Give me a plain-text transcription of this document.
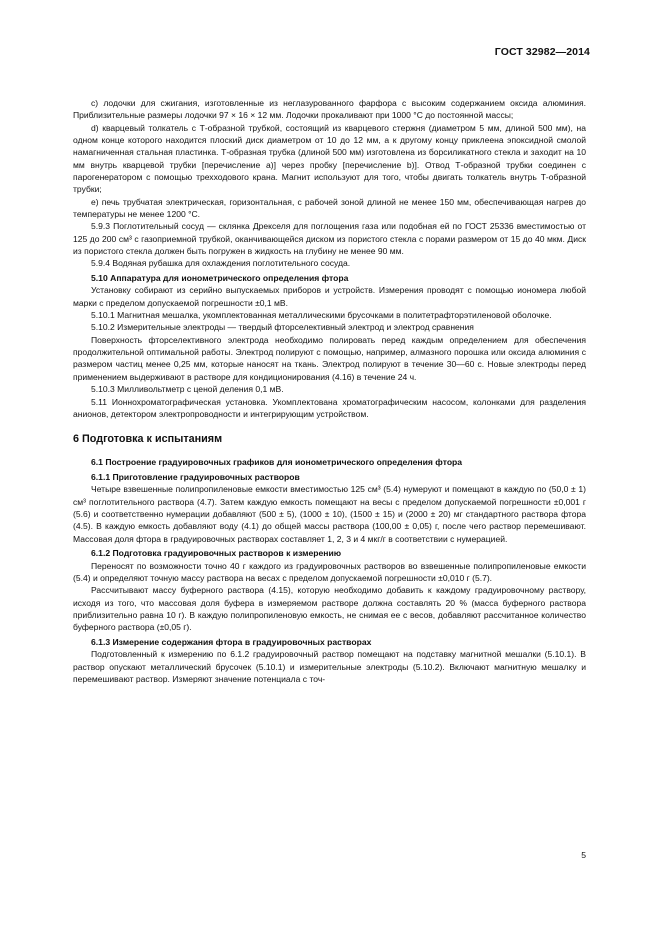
ГОСТ 32982—2014

c) лодочки для сжигания, изготовленные из неглазурованного фарфора с высоким содержанием оксида алюминия. Приблизительные размеры лодочки 97 × 16 × 12 мм. Лодочки прокаливают при 1000 °С до постоянной массы;

d) кварцевый толкатель с Т-образной трубкой, состоящий из кварцевого стержня (диаметром 5 мм, длиной 500 мм), на одном конце которого находится плоский диск диаметром от 10 до 12 мм, а к другому концу приклеена эпоксидной смолой намагниченная стальная пластинка. Т-образная трубка (длиной 500 мм) изготовлена из борсиликатного стекла и заходит на 10 мм внутрь кварцевой трубки [перечисление а)] через пробку [перечисление b)]. Отвод Т-образной трубки соединен с парогенератором с помощью трехходового крана. Магнит используют для того, чтобы двигать толкатель внутрь Т-образной трубки;

е) печь трубчатая электрическая, горизонтальная, с рабочей зоной длиной не менее 150 мм, обеспечивающая нагрев до температуры не менее 1200 °С.

5.9.3 Поглотительный сосуд — склянка Дрекселя для поглощения газа или подобная ей по ГОСТ 25336 вместимостью от 125 до 200 см³ с газоприемной трубкой, оканчивающейся диском из пористого стекла с порами размером от 15 до 40 мкм. Диск из пористого стекла должен быть погружен в жидкость на глубину не менее 90 мм.

5.9.4 Водяная рубашка для охлаждения поглотительного сосуда.

5.10 Аппаратура для ионометрического определения фтора

Установку собирают из серийно выпускаемых приборов и устройств. Измерения проводят с помощью иономера любой марки с пределом допускаемой погрешности ±0,1 мВ.

5.10.1 Магнитная мешалка, укомплектованная металлическими брусочками в политетрафторэтиленовой оболочке.

5.10.2 Измерительные электроды — твердый фторселективный электрод и электрод сравнения

Поверхность фторселективного электрода необходимо полировать перед каждым определением для обеспечения продолжительной оптимальной работы. Электрод полируют с помощью, например, алмазного порошка или оксида алюминия с размером частиц менее 0,25 мм, которые наносят на ткань. Электрод полируют в течение 30—60 с. Новые электроды перед применением выдерживают в растворе для кондиционирования (4.16) в течение 24 ч.

5.10.3 Милливольтметр с ценой деления 0,1 мВ.

5.11 Ионнохроматографическая установка. Укомплектована хроматографическим насосом, колонками для разделения анионов, детектором электропроводности и интегрирующим устройством.

6 Подготовка к испытаниям
6.1 Построение градуировочных графиков для ионометрического определения фтора
6.1.1 Приготовление градуировочных растворов

Четыре взвешенные полипропиленовые емкости вместимостью 125 см³ (5.4) нумеруют и помещают в каждую по (50,0 ± 1) см³ поглотительного раствора (4.7). Затем каждую емкость помещают на весы с пределом допускаемой погрешности ±0,001 г (5.6) и соответственно нумерации добавляют (500 ± 5), (1000 ± 10), (1500 ± 15) и (2000 ± 20) мг стандартного раствора фтора (4.5). В каждую емкость добавляют воду (4.1) до общей массы раствора (100,00 ± 0,05) г, после чего раствор перемешивают. Массовая доля фтора в градуировочных растворах составляет 1, 2, 3 и 4 мкг/г в соответствии с нумерацией.

6.1.2 Подготовка градуировочных растворов к измерению

Переносят по возможности точно 40 г каждого из градуировочных растворов во взвешенные полипропиленовые емкости (5.4) и определяют точную массу раствора на весах с пределом допускаемой погрешности ±0,010 г (5.7).

Рассчитывают массу буферного раствора (4.15), которую необходимо добавить к каждому градуировочному раствору, исходя из того, что массовая доля буфера в измеряемом растворе должна составлять 20 % (масса буферного раствора приблизительно равна 10 г). В каждую полипропиленовую емкость, не снимая ее с весов, добавляют рассчитанное количество буферного раствора (±0,05 г).

6.1.3 Измерение содержания фтора в градуировочных растворах

Подготовленный к измерению по 6.1.2 градуировочный раствор помещают на подставку магнитной мешалки (5.10.1). В раствор опускают металлический брусочек (5.10.1) и измерительные электроды (5.10.2). Включают магнитную мешалку и перемешивают раствор. Измеряют значение потенциала с точ-

5
